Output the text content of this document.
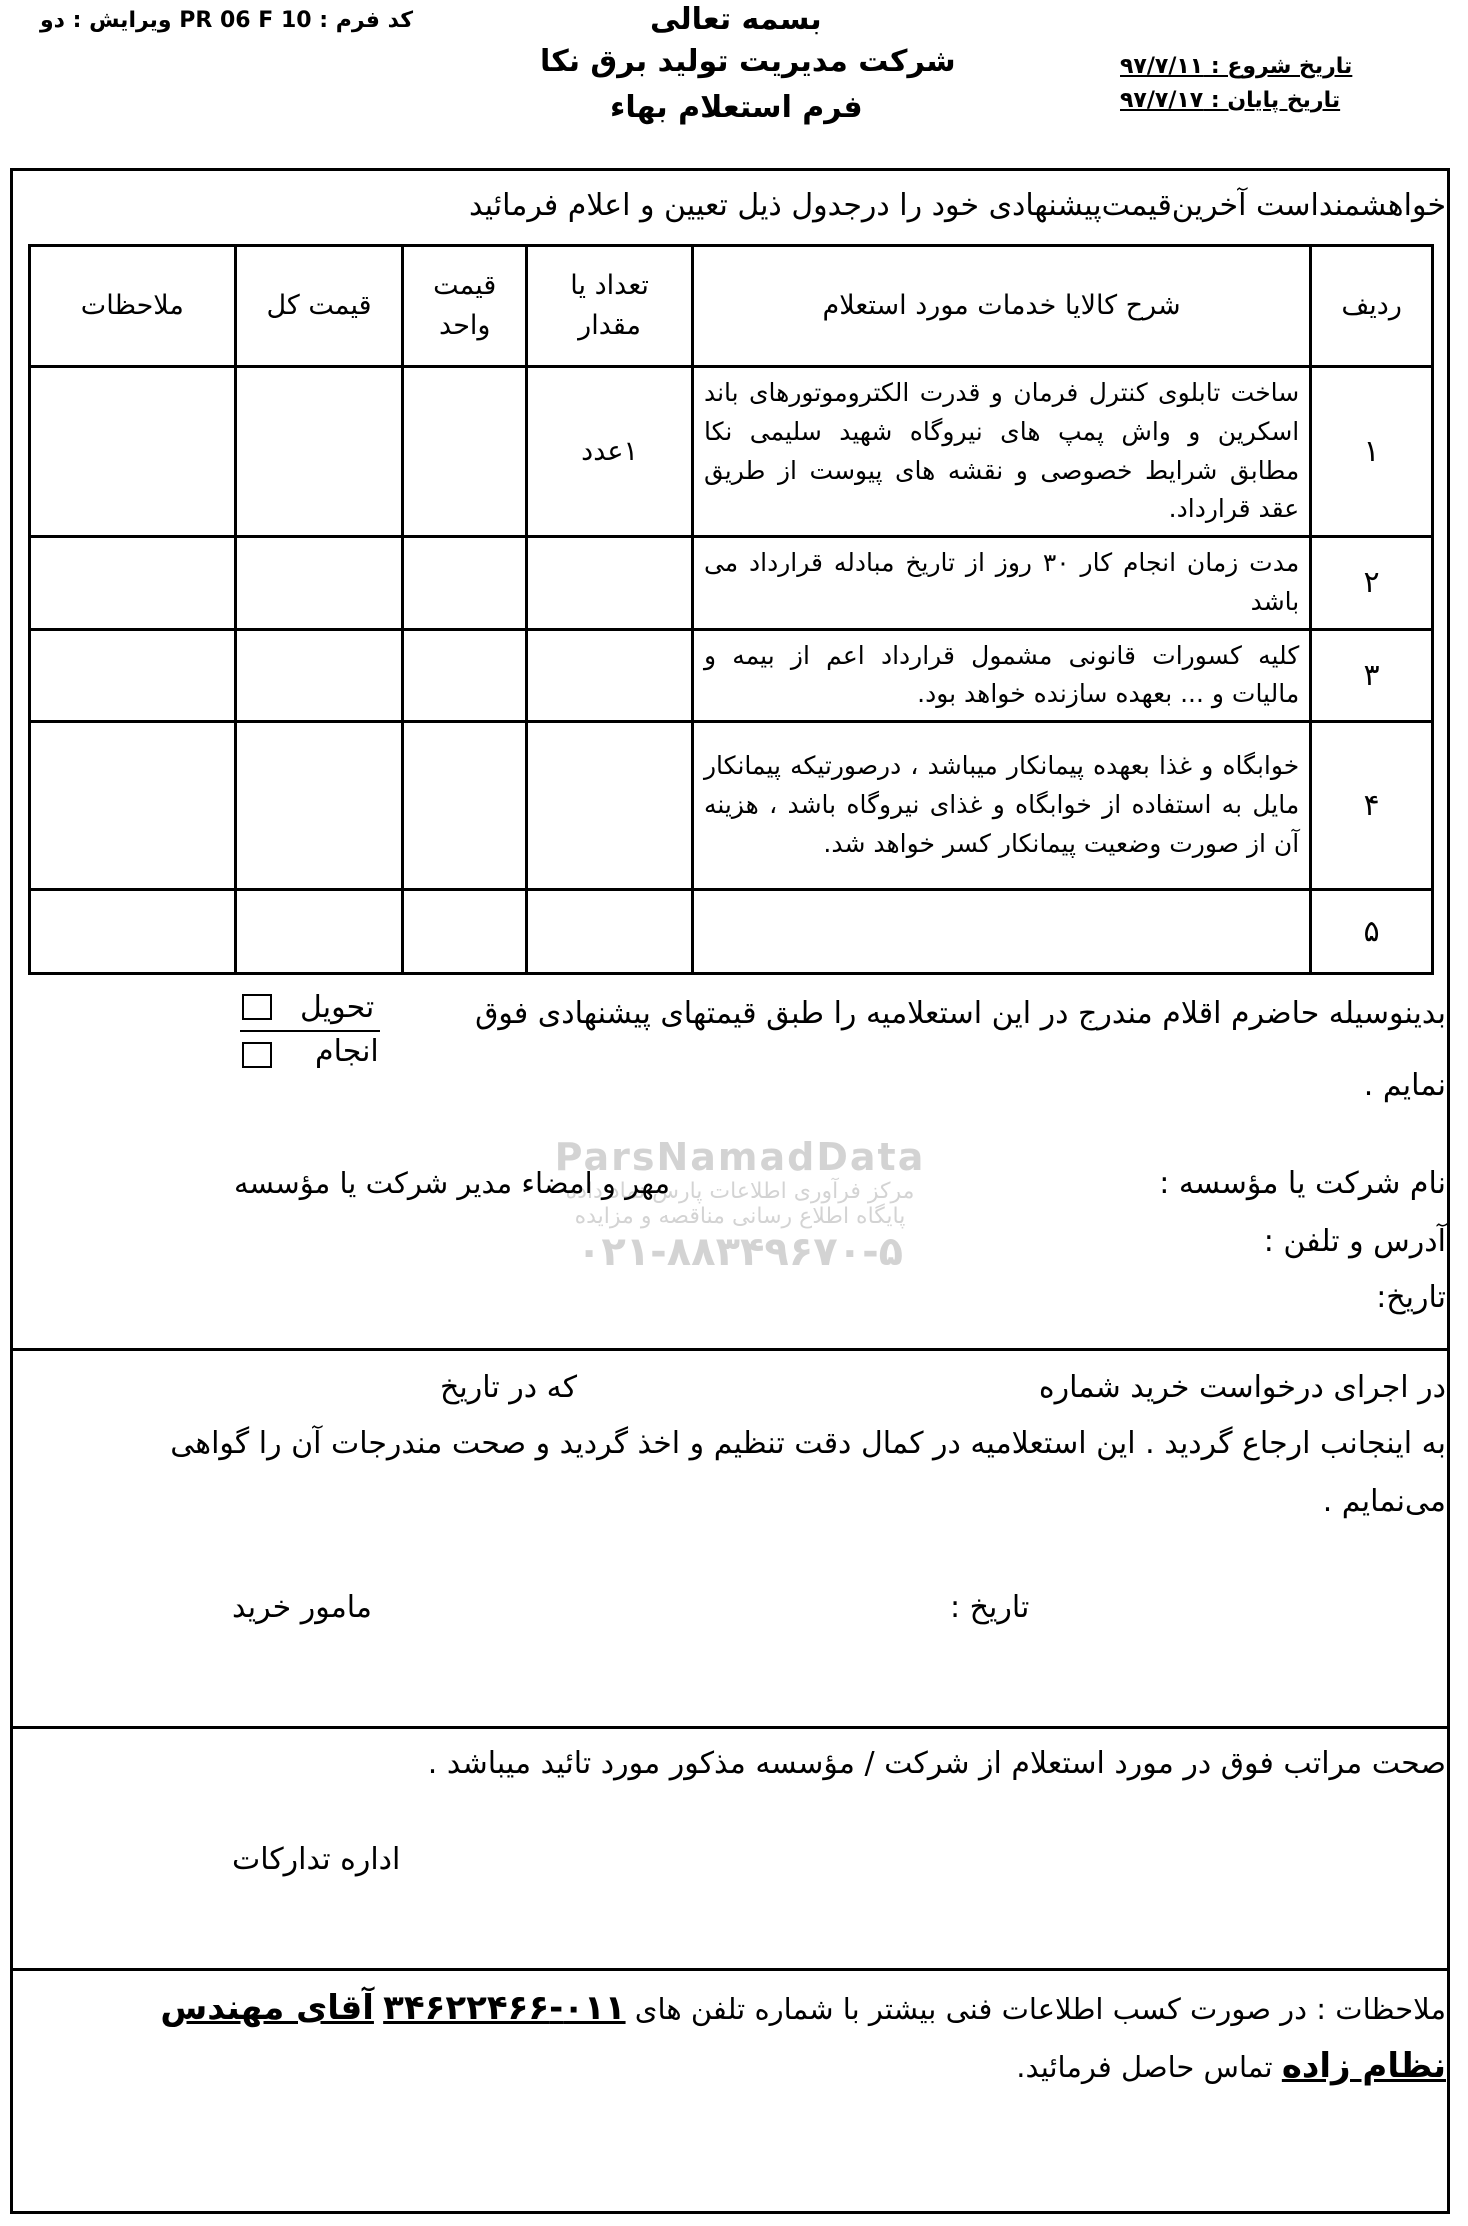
بسمه تعالی
شرکت مدیریت تولید برق نکا
فرم استعلام بهاء
کد فرم : PR 06 F 10 ویرایش : دو
تاریخ شروع : ۹۷/۷/۱۱
تاریخ پایان : ۹۷/۷/۱۷
خواهشمنداست آخرین‌قیمت‌پیشنهادی خود را درجدول ذیل تعیین و اعلام فرمائید
ردیف	شرح کالایا خدمات مورد استعلام	تعداد یا مقدار	قیمت واحد	قیمت کل	ملاحظات
۱	ساخت تابلوی کنترل فرمان و قدرت الکتروموتورهای باند اسکرین و واش پمپ های نیروگاه شهید سلیمی نکا مطابق شرایط خصوصی و نقشه های پیوست از طریق عقد قرارداد.	۱عدد			
۲	مدت زمان انجام کار ۳۰ روز از تاریخ مبادله قرارداد می باشد				
۳	کلیه کسورات قانونی مشمول قرارداد اعم از بیمه و مالیات و ... بعهده سازنده خواهد بود.				
۴	خوابگاه و غذا بعهده پیمانکار میباشد ، درصورتیکه پیمانکار مایل به استفاده از خوابگاه و غذای نیروگاه باشد ، هزینه آن از صورت وضعیت پیمانکار کسر خواهد شد.				
۵					
ParsNamadData
مرکز فرآوری اطلاعات پارس نماد داده
پایگاه اطلاع رسانی مناقصه و مزایده
۰۲۱-۸۸۳۴۹۶۷۰-۵
بدینوسیله حاضرم اقلام مندرج در این استعلامیه را طبق قیمتهای پیشنهادی فوق
نمایم .
تحویل
انجام
نام شرکت یا مؤسسه :
مهر و امضاء مدیر شرکت یا مؤسسه
آدرس و تلفن :
تاریخ:
در اجرای درخواست خرید شماره
که در تاریخ
به اینجانب ارجاع گردید . این استعلامیه در کمال دقت تنظیم و اخذ گردید و صحت مندرجات آن را گواهی
می‌نمایم .
تاریخ :
مامور خرید
صحت مراتب فوق در مورد استعلام از شرکت / مؤسسه مذکور مورد تائید میباشد .
اداره تدارکات
ملاحظات : در صورت کسب اطلاعات فنی بیشتر با شماره تلفن های ۰۱۱-۳۴۶۲۲۴۶۶ آقای مهندس
نظام زاده تماس حاصل فرمائید.
